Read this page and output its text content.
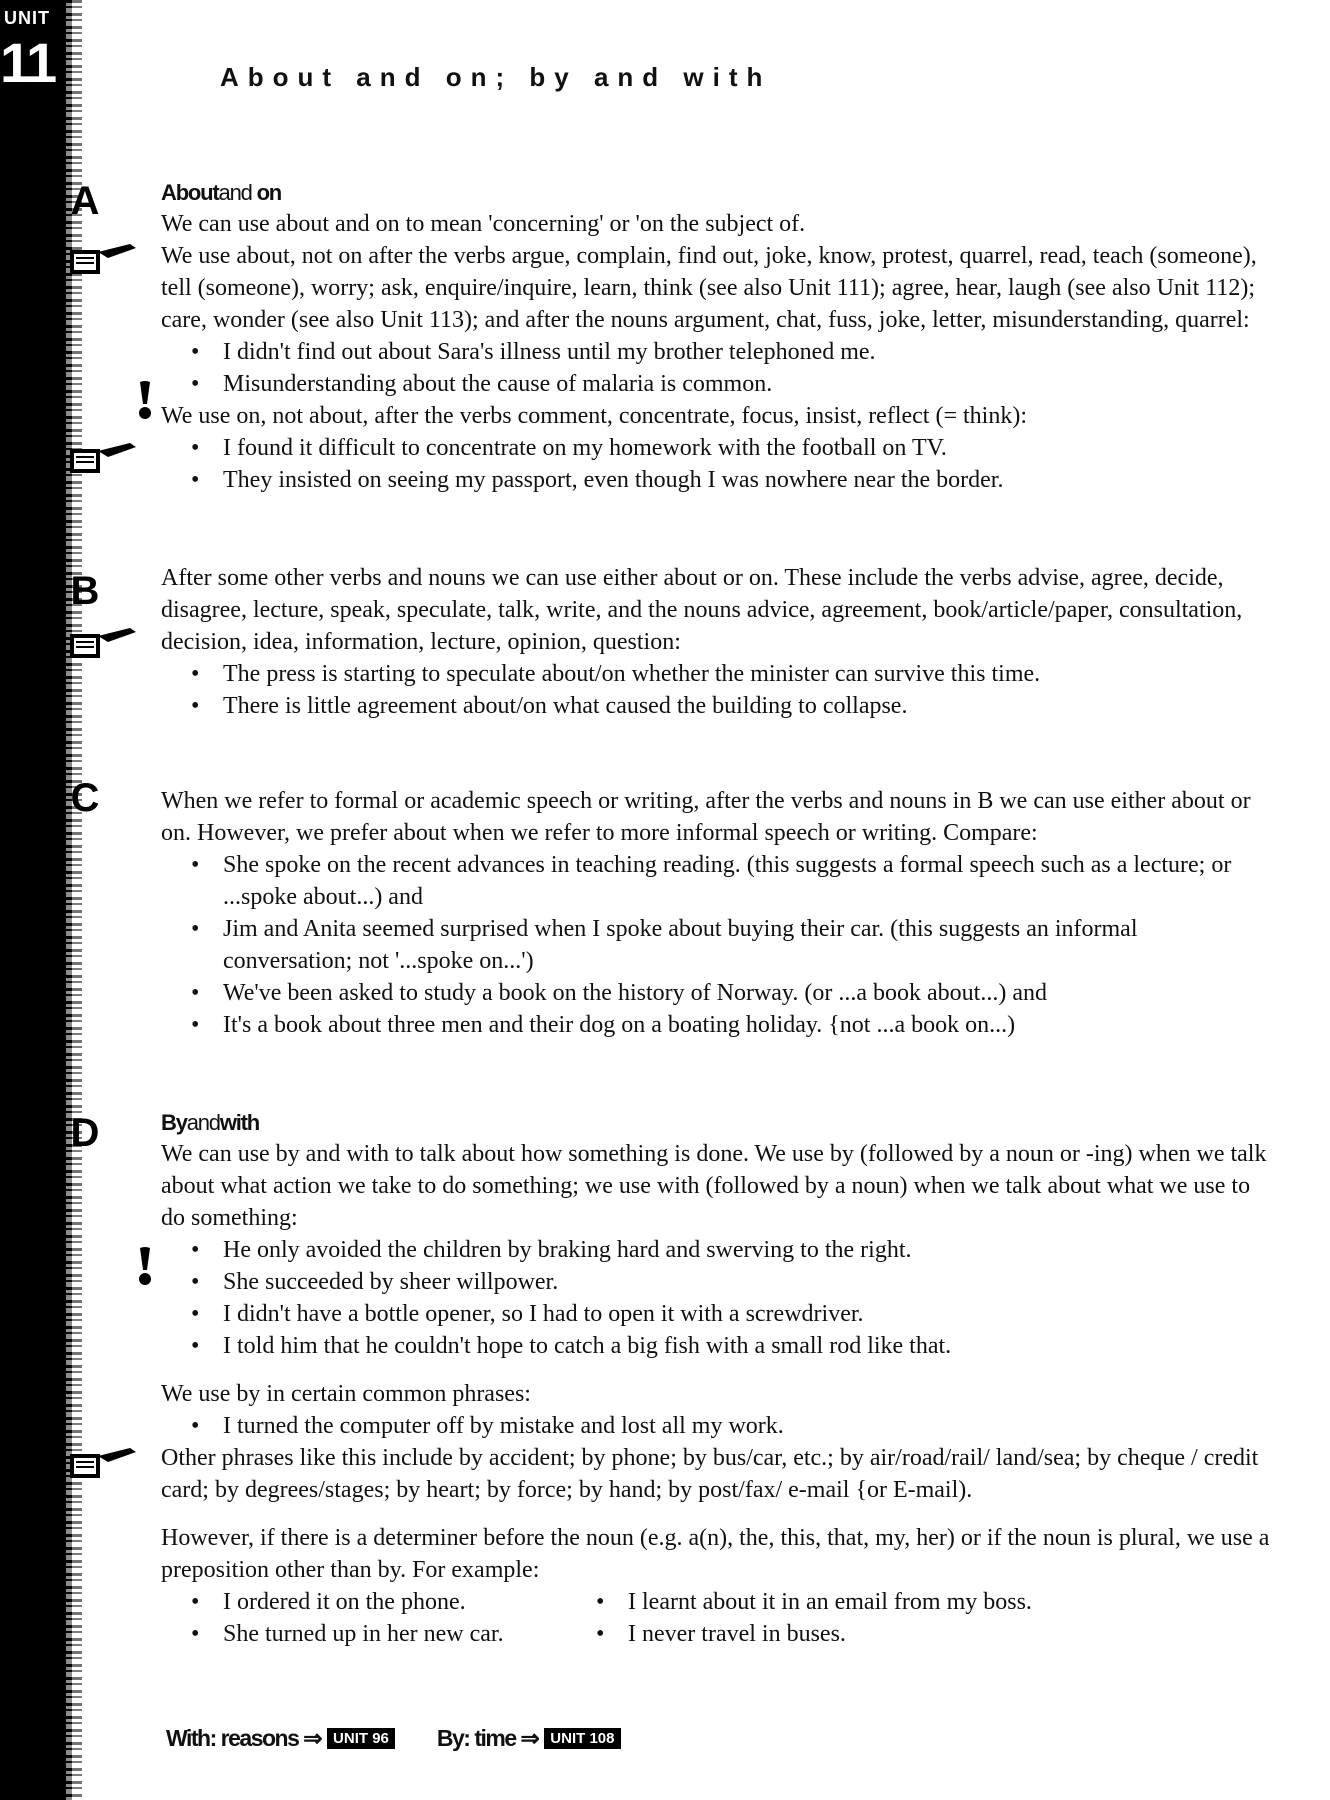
UNIT
11	About and on; by and with
A
B
C
D

Aboutand on

We can use about and on to mean 'concerning' or 'on the subject of.

We use about, not on after the verbs argue, complain, find out, joke, know, protest, quarrel, read, teach (someone), tell (someone), worry; ask, enquire/inquire, learn, think (see also Unit 111); agree, hear, laugh (see also Unit 112); care, wonder (see also Unit 113); and after the nouns argument, chat, fuss, joke, letter, misunderstanding, quarrel:

• I didn't find out about Sara's illness until my brother telephoned me.
• Misunderstanding about the cause of malaria is common.

We use on, not about, after the verbs comment, concentrate, focus, insist, reflect (= think):

• I found it difficult to concentrate on my homework with the football on TV.
• They insisted on seeing my passport, even though I was nowhere near the border.

After some other verbs and nouns we can use either about or on. These include the verbs advise, agree, decide, disagree, lecture, speak, speculate, talk, write, and the nouns advice, agreement, book/article/paper, consultation, decision, idea, information, lecture, opinion, question:

• The press is starting to speculate about/on whether the minister can survive this time.
• There is little agreement about/on what caused the building to collapse.

When we refer to formal or academic speech or writing, after the verbs and nouns in B we can use either about or on. However, we prefer about when we refer to more informal speech or writing. Compare:

• She spoke on the recent advances in teaching reading. (this suggests a formal speech such as a lecture; or ...spoke about...) and
• Jim and Anita seemed surprised when I spoke about buying their car. (this suggests an informal conversation; not '...spoke on...')
• We've been asked to study a book on the history of Norway. (or ...a book about...) and
• It's a book about three men and their dog on a boating holiday. {not ...a book on...)

Byandwith

We can use by and with to talk about how something is done. We use by (followed by a noun or -ing) when we talk about what action we take to do something; we use with (followed by a noun) when we talk about what we use to do something:

• He only avoided the children by braking hard and swerving to the right.
• She succeeded by sheer willpower.
• I didn't have a bottle opener, so I had to open it with a screwdriver.
• I told him that he couldn't hope to catch a big fish with a small rod like that.

We use by in certain common phrases:

• I turned the computer off by mistake and lost all my work.

Other phrases like this include by accident; by phone; by bus/car, etc.; by air/road/rail/ land/sea; by cheque / credit card; by degrees/stages; by heart; by force; by hand; by post/fax/ e-mail {or E-mail).

However, if there is a determiner before the noun (e.g. a(n), the, this, that, my, her) or if the noun is plural, we use a preposition other than by. For example:

• I ordered it on the phone.
• She turned up in her new car.
• I learnt about it in an email from my boss.
• I never travel in buses.
With: reasons ⇒ UNIT 96 By: time ⇒ UNIT 108
